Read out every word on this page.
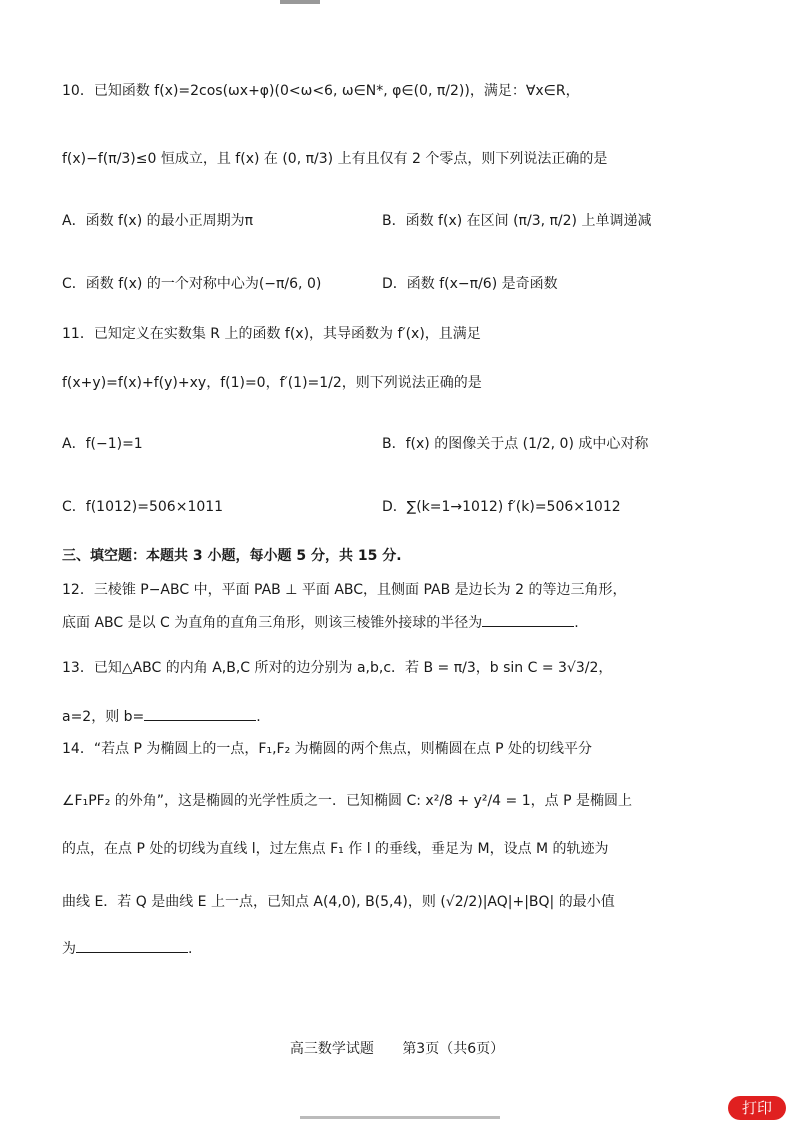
10．已知函数 f(x)=2cos(ωx+φ)(0<ω<6, ω∈N*, φ∈(0, π/2))，满足：∀x∈R，
f(x)−f(π/3)≤0 恒成立，且 f(x) 在 (0, π/3) 上有且仅有 2 个零点，则下列说法正确的是
A．函数 f(x) 的最小正周期为π	B．函数 f(x) 在区间 (π/3, π/2) 上单调递减
C．函数 f(x) 的一个对称中心为(−π/6, 0)	D．函数 f(x−π/6) 是奇函数
11．已知定义在实数集 R 上的函数 f(x)，其导函数为 f′(x)，且满足
f(x+y)=f(x)+f(y)+xy，f(1)=0，f′(1)=1/2，则下列说法正确的是
A．f(−1)=1	B．f(x) 的图像关于点 (1/2, 0) 成中心对称
C．f(1012)=506×1011	D．∑(k=1→1012) f′(k)=506×1012
三、填空题：本题共 3 小题，每小题 5 分，共 15 分.
12．三棱锥 P−ABC 中，平面 PAB ⊥ 平面 ABC，且侧面 PAB 是边长为 2 的等边三角形，
底面 ABC 是以 C 为直角的直角三角形，则该三棱锥外接球的半径为	.
13．已知△ABC 的内角 A,B,C 所对的边分别为 a,b,c．若 B = π/3，b sin C = 3√3/2，
a=2，则 b=	.
14．“若点 P 为椭圆上的一点，F₁,F₂ 为椭圆的两个焦点，则椭圆在点 P 处的切线平分
∠F₁PF₂ 的外角”，这是椭圆的光学性质之一．已知椭圆 C: x²/8 + y²/4 = 1，点 P 是椭圆上
的点，在点 P 处的切线为直线 l，过左焦点 F₁ 作 l 的垂线，垂足为 M，设点 M 的轨迹为
曲线 E．若 Q 是曲线 E 上一点，已知点 A(4,0), B(5,4)，则 (√2/2)|AQ|+|BQ| 的最小值
为	.
高三数学试题 第3页（共6页）
打印
